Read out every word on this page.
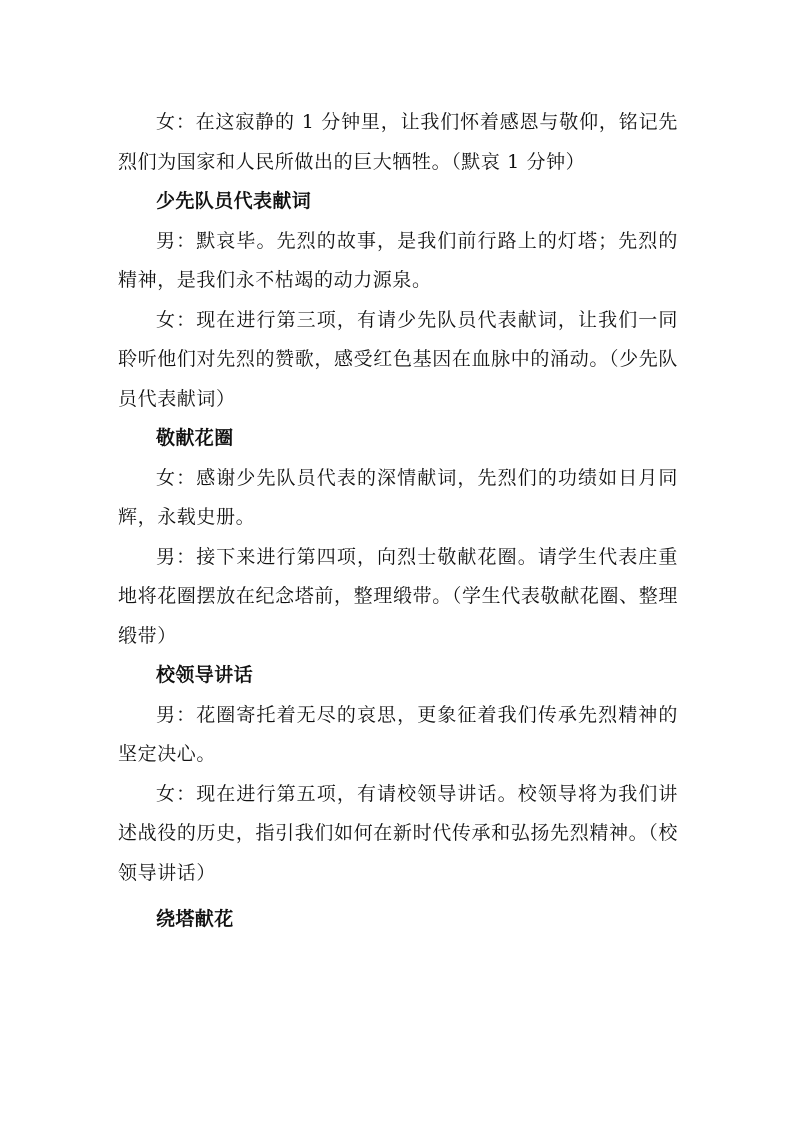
女：在这寂静的 1 分钟里，让我们怀着感恩与敬仰，铭记先烈们为国家和人民所做出的巨大牺牲。（默哀 1 分钟）

少先队员代表献词

男：默哀毕。先烈的故事，是我们前行路上的灯塔；先烈的精神，是我们永不枯竭的动力源泉。

女：现在进行第三项，有请少先队员代表献词，让我们一同聆听他们对先烈的赞歌，感受红色基因在血脉中的涌动。（少先队员代表献词）

敬献花圈

女：感谢少先队员代表的深情献词，先烈们的功绩如日月同辉，永载史册。

男：接下来进行第四项，向烈士敬献花圈。请学生代表庄重地将花圈摆放在纪念塔前，整理缎带。（学生代表敬献花圈、整理缎带）

校领导讲话

男：花圈寄托着无尽的哀思，更象征着我们传承先烈精神的坚定决心。

女：现在进行第五项，有请校领导讲话。校领导将为我们讲述战役的历史，指引我们如何在新时代传承和弘扬先烈精神。（校领导讲话）

绕塔献花
